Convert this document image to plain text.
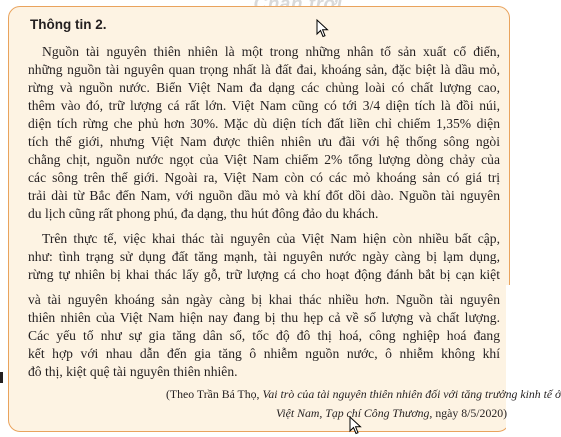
Thông tin 2.
Nguồn tài nguyên thiên nhiên là một trong những nhân tố sản xuất cổ điển,
những nguồn tài nguyên quan trọng nhất là đất đai, khoáng sản, đặc biệt là dầu mỏ,
rừng và nguồn nước. Biển Việt Nam đa dạng các chủng loài có chất lượng cao,
thêm vào đó, trữ lượng cá rất lớn. Việt Nam cũng có tới 3/4 diện tích là đồi núi,
diện tích rừng che phủ hơn 30%. Mặc dù diện tích đất liền chỉ chiếm 1,35% diện
tích thế giới, nhưng Việt Nam được thiên nhiên ưu đãi với hệ thống sông ngòi
chằng chịt, nguồn nước ngọt của Việt Nam chiếm 2% tổng lượng dòng chảy của
các sông trên thế giới. Ngoài ra, Việt Nam còn có các mỏ khoáng sản có giá trị
trải dài từ Bắc đến Nam, với nguồn dầu mỏ và khí đốt dồi dào. Nguồn tài nguyên
du lịch cũng rất phong phú, đa dạng, thu hút đông đảo du khách.
Trên thực tế, việc khai thác tài nguyên của Việt Nam hiện còn nhiều bất cập,
như: tình trạng sử dụng đất tăng mạnh, tài nguyên nước ngày càng bị lạm dụng,
rừng tự nhiên bị khai thác lấy gỗ, trữ lượng cá cho hoạt động đánh bắt bị cạn kiệt
và tài nguyên khoáng sản ngày càng bị khai thác nhiều hơn. Nguồn tài nguyên
thiên nhiên của Việt Nam hiện nay đang bị thu hẹp cả về số lượng và chất lượng.
Các yếu tố như sự gia tăng dân số, tốc độ đô thị hoá, công nghiệp hoá đang
kết hợp với nhau dẫn đến gia tăng ô nhiễm nguồn nước, ô nhiễm không khí
đô thị, kiệt quệ tài nguyên thiên nhiên.
(Theo Trần Bá Thọ, Vai trò của tài nguyên thiên nhiên đối với tăng trưởng kinh tế ở
Việt Nam, Tạp chí Công Thương, ngày 8/5/2020)
